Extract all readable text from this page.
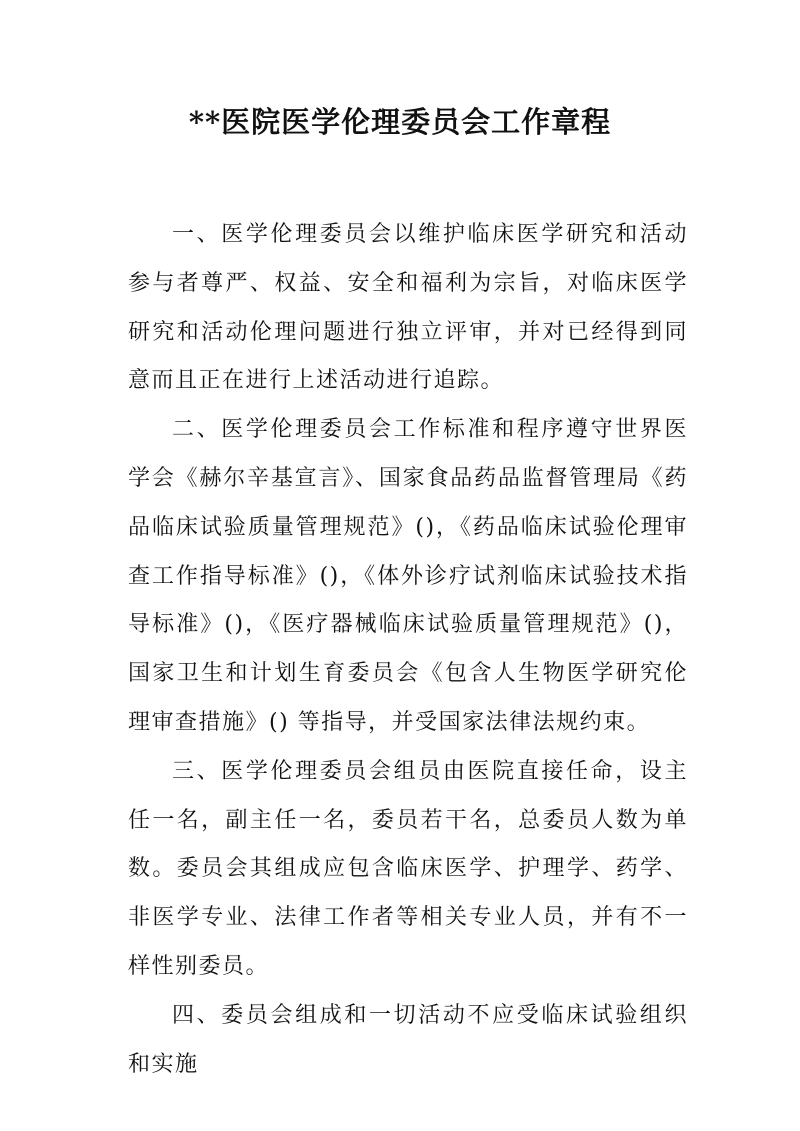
**医院医学伦理委员会工作章程

一、医学伦理委员会以维护临床医学研究和活动参与者尊严、权益、安全和福利为宗旨，对临床医学研究和活动伦理问题进行独立评审，并对已经得到同意而且正在进行上述活动进行追踪。

二、医学伦理委员会工作标准和程序遵守世界医学会《赫尔辛基宣言》、国家食品药品监督管理局《药品临床试验质量管理规范》()，《药品临床试验伦理审查工作指导标准》()，《体外诊疗试剂临床试验技术指导标准》()，《医疗器械临床试验质量管理规范》()，国家卫生和计划生育委员会《包含人生物医学研究伦理审查措施》() 等指导，并受国家法律法规约束。

三、医学伦理委员会组员由医院直接任命，设主任一名，副主任一名，委员若干名，总委员人数为单数。委员会其组成应包含临床医学、护理学、药学、非医学专业、法律工作者等相关专业人员，并有不一样性别委员。

四、委员会组成和一切活动不应受临床试验组织和实施
